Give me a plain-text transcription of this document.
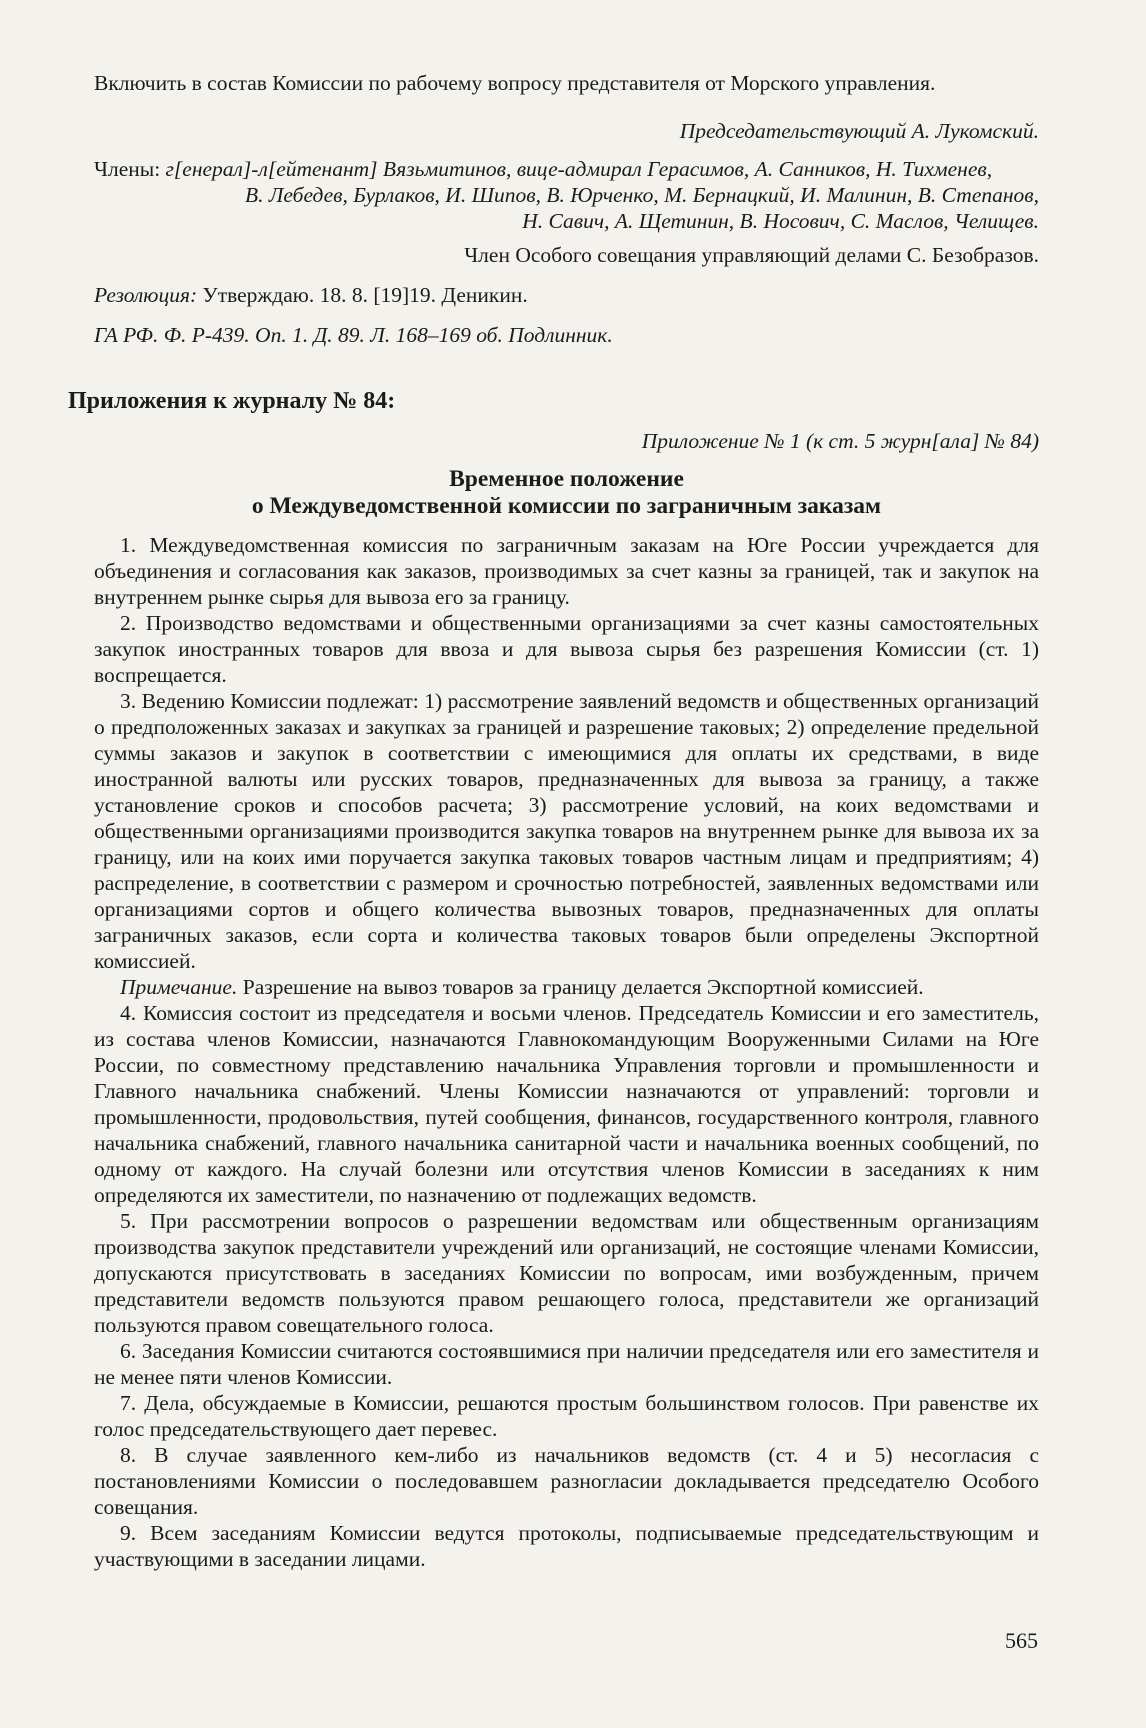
Включить в состав Комиссии по рабочему вопросу представителя от Морского управления.

Председательствующий А. Лукомский.

Члены: г[енерал]-л[ейтенант] Вязьмитинов, вице-адмирал Герасимов, А. Санников, Н. Тихменев,

В. Лебедев, Бурлаков, И. Шипов, В. Юрченко, М. Бернацкий, И. Малинин, В. Степанов,

Н. Савич, А. Щетинин, В. Носович, С. Маслов, Челищев.

Член Особого совещания управляющий делами С. Безобразов.

Резолюция: Утверждаю. 18. 8. [19]19. Деникин.

ГА РФ. Ф. Р-439. Оп. 1. Д. 89. Л. 168–169 об. Подлинник.

Приложения к журналу № 84:

Приложение № 1 (к ст. 5 журн[ала] № 84)

Временное положение
о Междуведомственной комиссии по заграничным заказам

1. Междуведомственная комиссия по заграничным заказам на Юге России учреждается для объединения и согласования как заказов, производимых за счет казны за границей, так и закупок на внутреннем рынке сырья для вывоза его за границу.

2. Производство ведомствами и общественными организациями за счет казны самостоятельных закупок иностранных товаров для ввоза и для вывоза сырья без разрешения Комиссии (ст. 1) воспрещается.

3. Ведению Комиссии подлежат: 1) рассмотрение заявлений ведомств и общественных организаций о предположенных заказах и закупках за границей и разрешение таковых; 2) определение предельной суммы заказов и закупок в соответствии с имеющимися для оплаты их средствами, в виде иностранной валюты или русских товаров, предназначенных для вывоза за границу, а также установление сроков и способов расчета; 3) рассмотрение условий, на коих ведомствами и общественными организациями производится закупка товаров на внутреннем рынке для вывоза их за границу, или на коих ими поручается закупка таковых товаров частным лицам и предприятиям; 4) распределение, в соответствии с размером и срочностью потребностей, заявленных ведомствами или организациями сортов и общего количества вывозных товаров, предназначенных для оплаты заграничных заказов, если сорта и количества таковых товаров были определены Экспортной комиссией.

Примечание. Разрешение на вывоз товаров за границу делается Экспортной комиссией.

4. Комиссия состоит из председателя и восьми членов. Председатель Комиссии и его заместитель, из состава членов Комиссии, назначаются Главнокомандующим Вооруженными Силами на Юге России, по совместному представлению начальника Управления торговли и промышленности и Главного начальника снабжений. Члены Комиссии назначаются от управлений: торговли и промышленности, продовольствия, путей сообщения, финансов, государственного контроля, главного начальника снабжений, главного начальника санитарной части и начальника военных сообщений, по одному от каждого. На случай болезни или отсутствия членов Комиссии в заседаниях к ним определяются их заместители, по назначению от подлежащих ведомств.

5. При рассмотрении вопросов о разрешении ведомствам или общественным организациям производства закупок представители учреждений или организаций, не состоящие членами Комиссии, допускаются присутствовать в заседаниях Комиссии по вопросам, ими возбужденным, причем представители ведомств пользуются правом решающего голоса, представители же организаций пользуются правом совещательного голоса.

6. Заседания Комиссии считаются состоявшимися при наличии председателя или его заместителя и не менее пяти членов Комиссии.

7. Дела, обсуждаемые в Комиссии, решаются простым большинством голосов. При равенстве их голос председательствующего дает перевес.

8. В случае заявленного кем-либо из начальников ведомств (ст. 4 и 5) несогласия с постановлениями Комиссии о последовавшем разногласии докладывается председателю Особого совещания.

9. Всем заседаниям Комиссии ведутся протоколы, подписываемые председательствующим и участвующими в заседании лицами.

565
